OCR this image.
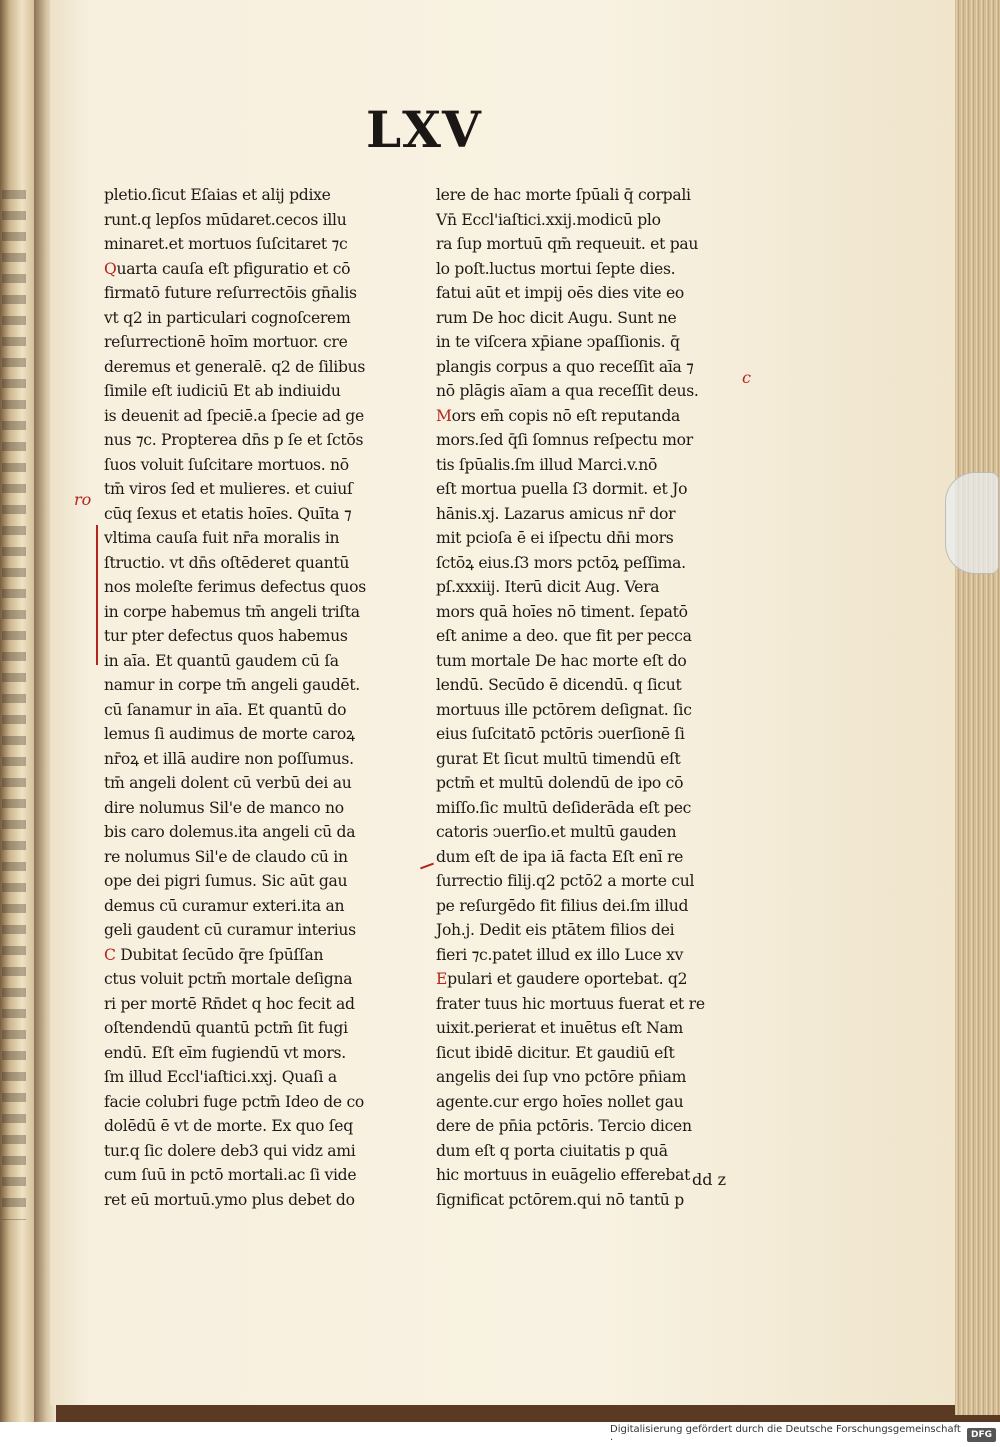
LXV
pletio.ſicut Eſaias et alij pdixe
runt.q lepſos mūdaret.cecos illu
minaret.et mortuos ſuſcitaret ⁊c
Quarta cauſa eſt pfiguratio et cō
firmatō future reſurrectōis gn̄alis
vt q2 in particulari cognoſcerem
reſurrectionē hoīm mortuor. cre
deremus et generalē. q2 de ſilibus
ſimile eſt iudiciū Et ab indiuidu
is deuenit ad ſpeciē.a ſpecie ad ge
nus ⁊c. Propterea dn̄s p ſe et ſctōs
ſuos voluit ſuſcitare mortuos. nō
tm̄ viros ſed et mulieres. et cuiuſ
cūq ſexus et etatis hoīes. Quīta ⁊
vltima cauſa fuit nr̄a moralis in
ſtructio. vt dn̄s oſtēderet quantū
nos moleſte ferimus defectus quos
in corpe habemus tm̄ angeli triſta
tur pter defectus quos habemus
in aīa. Et quantū gaudem cū ſa
namur in corpe tm̄ angeli gaudēt.
cū ſanamur in aīa. Et quantū do
lemus ſi audimus de morte caroꝝ
nr̄oꝝ et illā audire non poſſumus.
tm̄ angeli dolent cū verbū dei au
dire nolumus Sil'e de manco no
bis caro dolemus.ita angeli cū da
re nolumus Sil'e de claudo cū in
ope dei pigri ſumus. Sic aūt gau
demus cū curamur exteri.ita an
geli gaudent cū curamur interius
C Dubitat ſecūdo q̄re ſpūſſan
ctus voluit pctm̄ mortale deſigna
ri per mortē Rn̄det q hoc fecit ad
oſtendendū quantū pctm̄ ſit fugi
endū. Eſt eīm fugiendū vt mors.
ſm illud Eccl'iaſtici.xxj. Quaſi a
facie colubri fuge pctm̄ Ideo de co
dolēdū ē vt de morte. Ex quo ſeq
tur.q ſic dolere deb3 qui vidz ami
cum ſuū in pctō mortali.ac ſi vide
ret eū mortuū.ymo plus debet do
lere de hac morte ſpūali q̄ corpali
Vn̄ Eccl'iaſtici.xxij.modicū plo
ra ſup mortuū qm̄ requeuit. et pau
lo poſt.luctus mortui ſepte dies.
fatui aūt et impij oēs dies vite eo
rum De hoc dicit Augu. Sunt ne
in te viſcera xp̄iane ↄpaſſionis. q̄
plangis corpus a quo receſſit aīa ⁊
nō plāgis aīam a qua receſſit deus.
Mors em̄ copis nō eſt reputanda
mors.ſed q̄ſi ſomnus reſpectu mor
tis ſpūalis.ſm illud Marci.v.nō
eſt mortua puella ſ3 dormit. et Jo
hānis.xj. Lazarus amicus nr̄ dor
mit pcioſa ē ei iſpectu dn̄i mors
ſctōꝝ eius.ſ3 mors pctōꝝ peſſima.
pſ.xxxiij. Iterū dicit Aug. Vera
mors quā hoīes nō timent. ſepatō
eſt anime a deo. que fit per pecca
tum mortale De hac morte eſt do
lendū. Secūdo ē dicendū. q ſicut
mortuus ille pctōrem deſignat. ſic
eius ſuſcitatō pctōris ↄuerſionē ſi
gurat Et ſicut multū timendū eſt
pctm̄ et multū dolendū de ipo cō
miſſo.ſic multū deſiderāda eſt pec
catoris ↄuerſio.et multū gauden
dum eſt de ipa iā facta Eſt enī re
ſurrectio filij.q2 pctō2 a morte cul
pe reſurgēdo fit filius dei.ſm illud
Joh.j. Dedit eis ptātem filios dei
fieri ⁊c.patet illud ex illo Luce xv
Epulari et gaudere oportebat. q2
frater tuus hic mortuus fuerat et re
uixit.perierat et inuētus eſt Nam
ſicut ibidē dicitur. Et gaudiū eſt
angelis dei ſup vno pctōre pn̄iam
agente.cur ergo hoīes nollet gau
dere de pn̄ia pctōris. Tercio dicen
dum eſt q porta ciuitatis p quā
hic mortuus in euāgelio efferebat
ſignificat pctōrem.qui nō tantū p
dd z
ro
c
Digitalisierung gefördert durch die Deutsche Forschungsgemeinschaft ·	DFG
